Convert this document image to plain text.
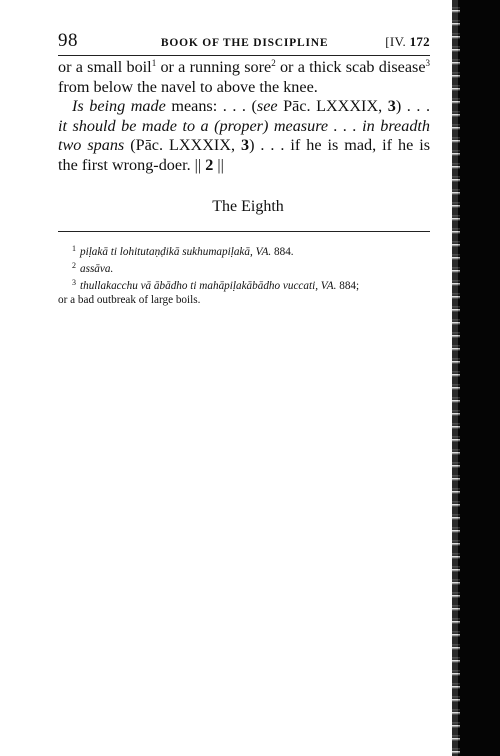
98	BOOK OF THE DISCIPLINE	[IV. 172
or a small boil$^1$ or a running sore$^2$ or a thick scab disease$^3$
from below the navel to above the knee.
Is being made means: . . . (see Pāc. LXXXIX, 3) . . .
it should be made to a (proper) measure . . . in breadth
two spans (Pāc. LXXXIX, 3) . . . if he is mad, if he is
the first wrong-doer. || 2 ||
The Eighth
$^1$ piḷakā ti lohitutaṇḍikā sukhumapiḷakā, VA. 884.
$^2$ assāva.
$^3$ thullakacchu vā ābādho ti mahāpiḷakābādho vuccati, VA. 884;
or a bad outbreak of large boils.
